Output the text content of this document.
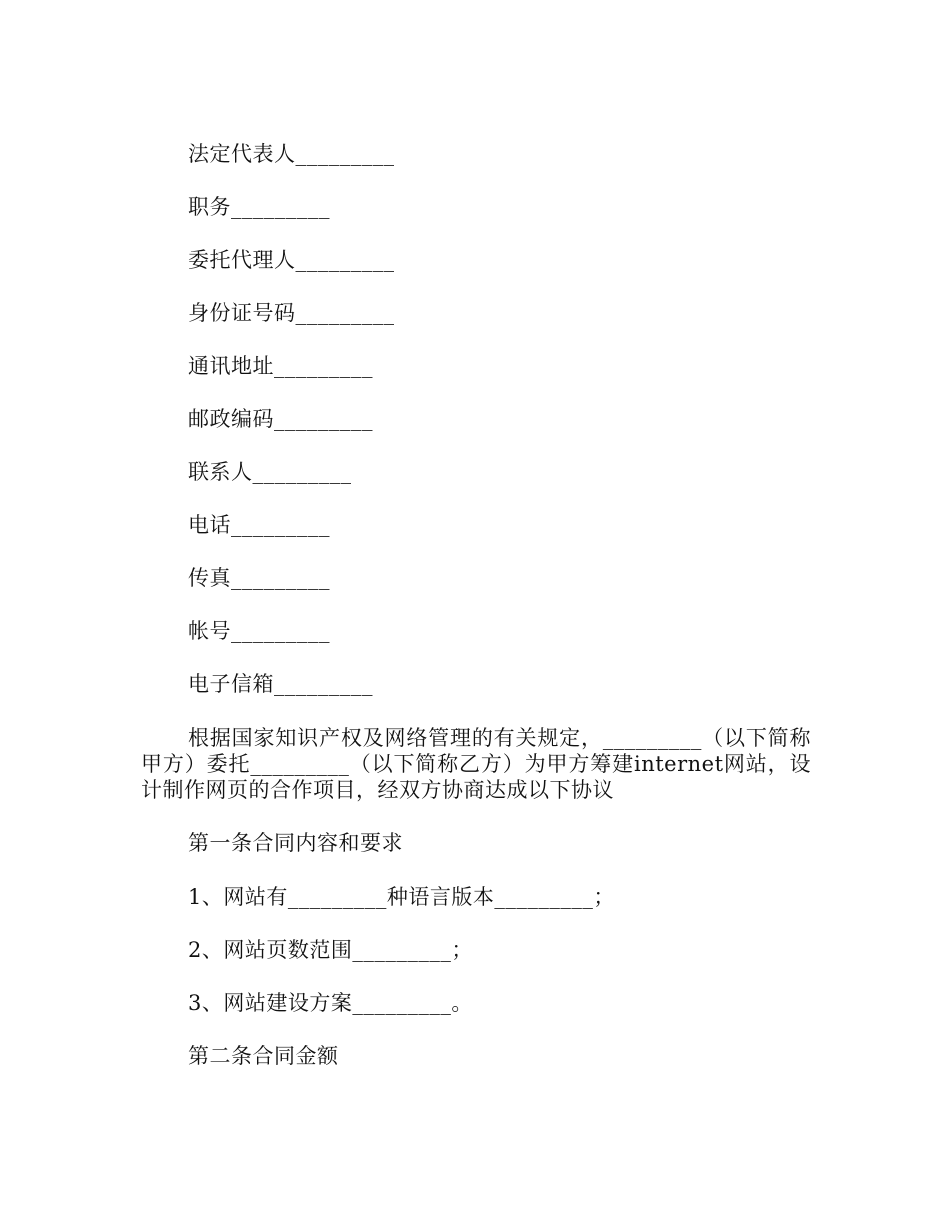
法定代表人_________
职务_________
委托代理人_________
身份证号码_________
通讯地址_________
邮政编码_________
联系人_________
电话_________
传真_________
帐号_________
电子信箱_________
根据国家知识产权及网络管理的有关规定，_________（以下简称甲方）委托_________（以下简称乙方）为甲方筹建internet网站，设计制作网页的合作项目，经双方协商达成以下协议
第一条合同内容和要求
1、网站有_________种语言版本_________；
2、网站页数范围_________；
3、网站建设方案_________。
第二条合同金额
